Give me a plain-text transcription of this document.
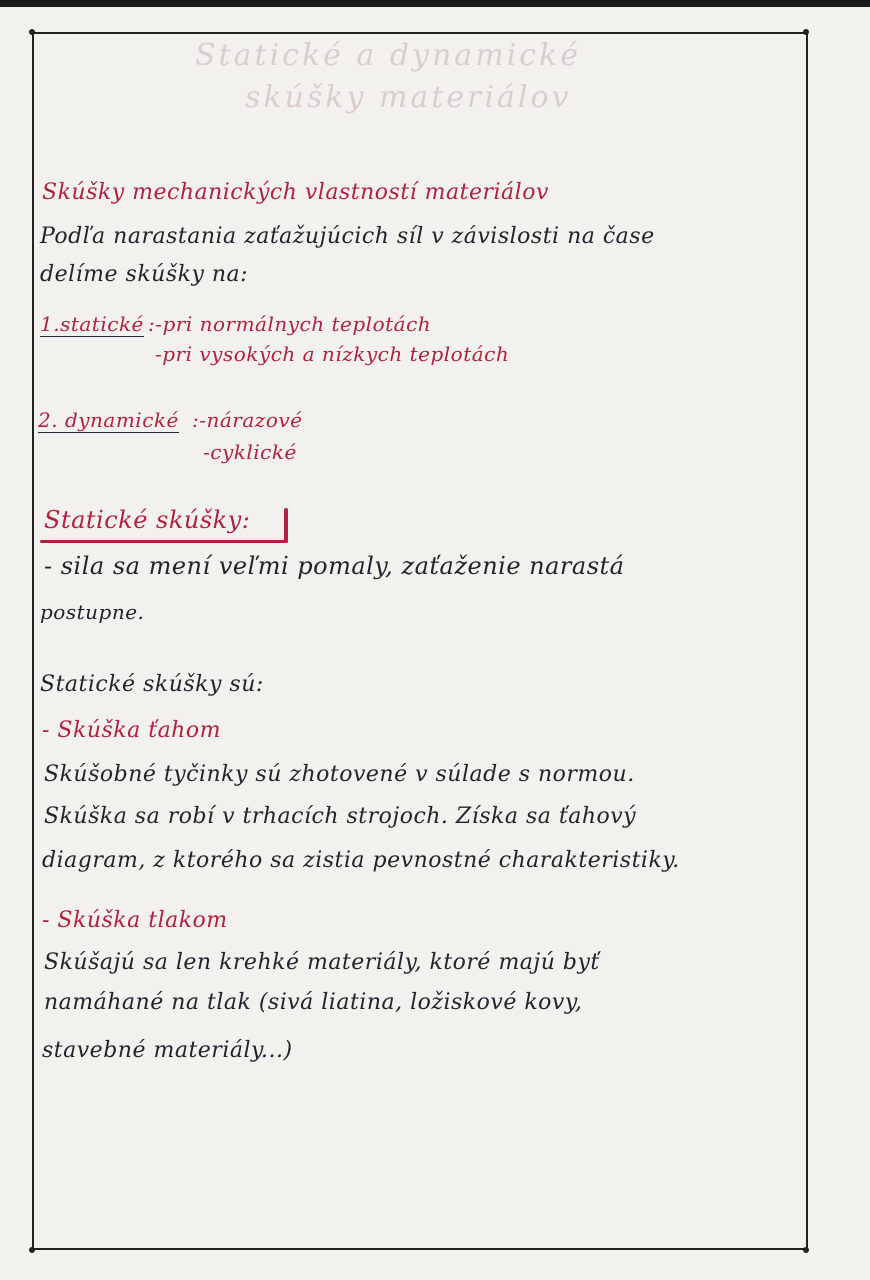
Statické a dynamické
skúšky materiálov
Skúšky mechanických vlastností materiálov
Podľa narastania zaťažujúcich síl v závislosti na čase
delíme skúšky na:
1.statické :-pri normálnych teplotách
-pri vysokých a nízkych teplotách
2. dynamické :-nárazové
-cyklické
Statické skúšky:
- sila sa mení veľmi pomaly, zaťaženie narastá
postupne.
Statické skúšky sú:
- Skúška ťahom
Skúšobné tyčinky sú zhotovené v súlade s normou.
Skúška sa robí v trhacích strojoch. Získa sa ťahový
diagram, z ktorého sa zistia pevnostné charakteristiky.
- Skúška tlakom
Skúšajú sa len krehké materiály, ktoré majú byť
namáhané na tlak (sivá liatina, ložiskové kovy,
stavebné materiály...)
